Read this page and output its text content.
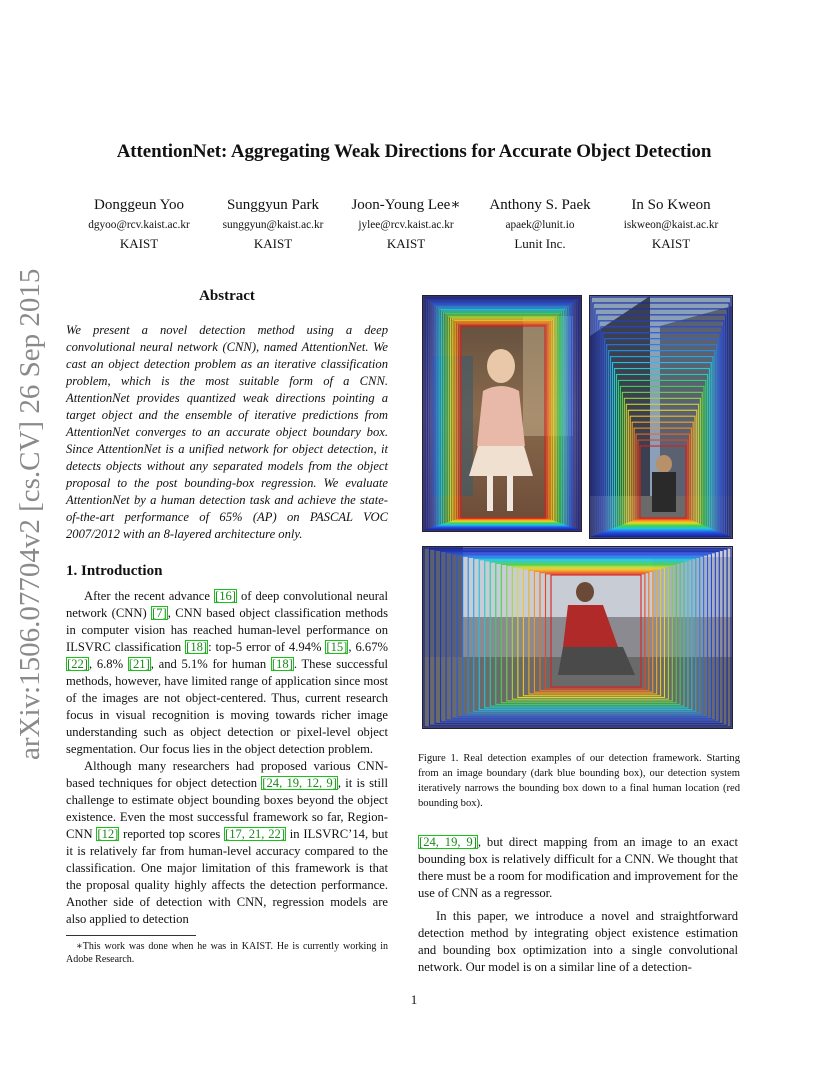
AttentionNet: Aggregating Weak Directions for Accurate Object Detection
Donggeun Yoo
dgyoo@rcv.kaist.ac.kr
KAIST
Sunggyun Park
sunggyun@kaist.ac.kr
KAIST
Joon-Young Lee∗
jylee@rcv.kaist.ac.kr
KAIST
Anthony S. Paek
apaek@lunit.io
Lunit Inc.
In So Kweon
iskweon@kaist.ac.kr
KAIST
arXiv:1506.07704v2 [cs.CV] 26 Sep 2015	Abstract
We present a novel detection method using a deep convolutional neural network (CNN), named AttentionNet. We cast an object detection problem as an iterative classification problem, which is the most suitable form of a CNN. AttentionNet provides quantized weak directions pointing a target object and the ensemble of iterative predictions from AttentionNet converges to an accurate object boundary box. Since AttentionNet is a unified network for object detection, it detects objects without any separated models from the object proposal to the post bounding-box regression. We evaluate AttentionNet by a human detection task and achieve the state-of-the-art performance of 65% (AP) on PASCAL VOC 2007/2012 with an 8-layered architecture only.
1. Introduction

After the recent advance [16] of deep convolutional neural network (CNN) [7], CNN based object classification methods in computer vision has reached human-level performance on ILSVRC classification [18]: top-5 error of 4.94% [15], 6.67% [22], 6.8% [21], and 5.1% for human [18]. These successful methods, however, have limited range of application since most of the images are not object-centered. Thus, current research focus in visual recognition is moving towards richer image understanding such as object detection or pixel-level object segmentation. Our focus lies in the object detection problem.

Although many researchers had proposed various CNN-based techniques for object detection [24, 19, 12, 9], it is still challenge to estimate object bounding boxes beyond the object existence. Even the most successful framework so far, Region-CNN [12] reported top scores [17, 21, 22] in ILSVRC’14, but it is relatively far from human-level accuracy compared to the classification. One major limitation of this framework is that the proposal quality highly affects the detection performance. Another side of detection with CNN, regression models are also applied to detection

∗This work was done when he was in KAIST. He is currently working in Adobe Research.
Figure 1. Real detection examples of our detection framework. Starting from an image boundary (dark blue bounding box), our detection system iteratively narrows the bounding box down to a final human location (red bounding box).

[24, 19, 9], but direct mapping from an image to an exact bounding box is relatively difficult for a CNN. We thought that there must be a room for modification and improvement for the use of CNN as a regressor.

In this paper, we introduce a novel and straightforward detection method by integrating object existence estimation and bounding box optimization into a single convolutional network. Our model is on a similar line of a detection-

1
